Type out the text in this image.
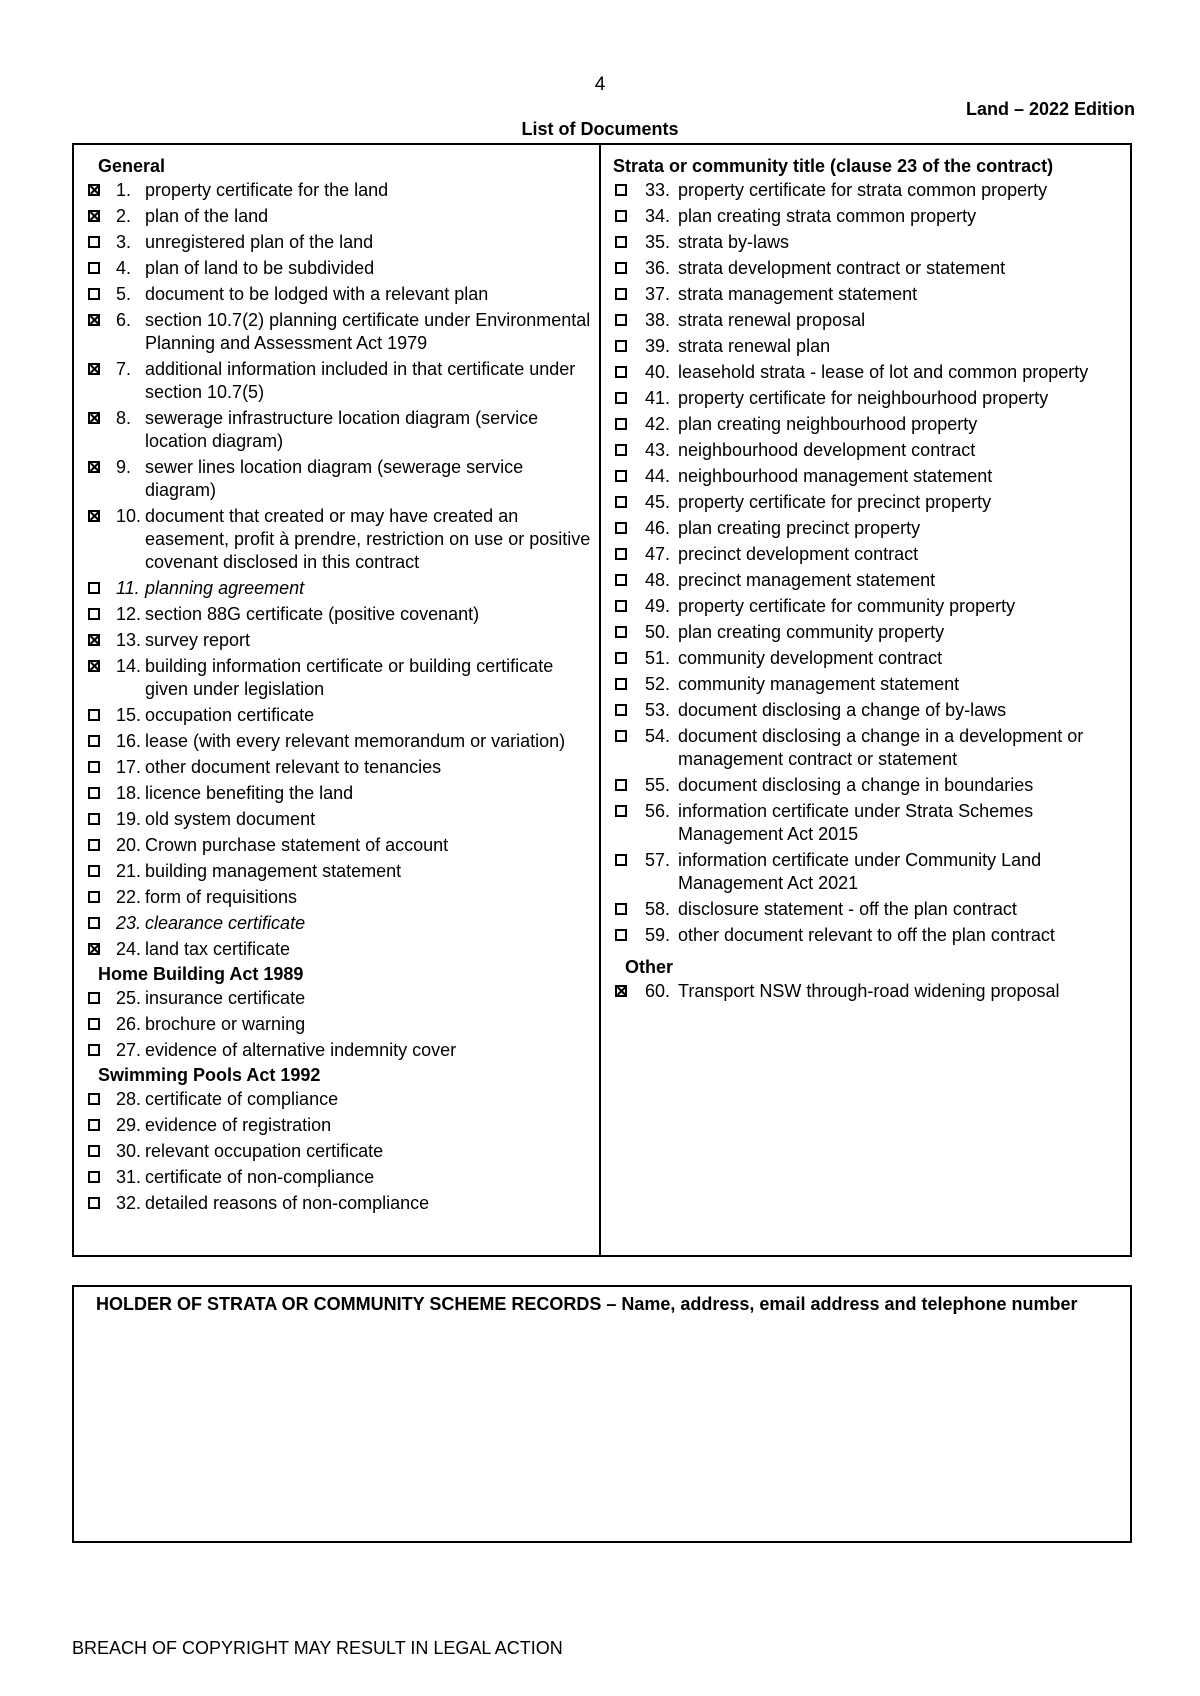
4
Land – 2022 Edition
List of Documents
General
1. property certificate for the land
2. plan of the land
3. unregistered plan of the land
4. plan of land to be subdivided
5. document to be lodged with a relevant plan
6. section 10.7(2) planning certificate under Environmental Planning and Assessment Act 1979
7. additional information included in that certificate under section 10.7(5)
8. sewerage infrastructure location diagram (service location diagram)
9. sewer lines location diagram (sewerage service diagram)
10. document that created or may have created an easement, profit à prendre, restriction on use or positive covenant disclosed in this contract
11. planning agreement
12. section 88G certificate (positive covenant)
13. survey report
14. building information certificate or building certificate given under legislation
15. occupation certificate
16. lease (with every relevant memorandum or variation)
17. other document relevant to tenancies
18. licence benefiting the land
19. old system document
20. Crown purchase statement of account
21. building management statement
22. form of requisitions
23. clearance certificate
24. land tax certificate
Home Building Act 1989
25. insurance certificate
26. brochure or warning
27. evidence of alternative indemnity cover
Swimming Pools Act 1992
28. certificate of compliance
29. evidence of registration
30. relevant occupation certificate
31. certificate of non-compliance
32. detailed reasons of non-compliance
Strata or community title (clause 23 of the contract)
33. property certificate for strata common property
34. plan creating strata common property
35. strata by-laws
36. strata development contract or statement
37. strata management statement
38. strata renewal proposal
39. strata renewal plan
40. leasehold strata - lease of lot and common property
41. property certificate for neighbourhood property
42. plan creating neighbourhood property
43. neighbourhood development contract
44. neighbourhood management statement
45. property certificate for precinct property
46. plan creating precinct property
47. precinct development contract
48. precinct management statement
49. property certificate for community property
50. plan creating community property
51. community development contract
52. community management statement
53. document disclosing a change of by-laws
54. document disclosing a change in a development or management contract or statement
55. document disclosing a change in boundaries
56. information certificate under Strata Schemes Management Act 2015
57. information certificate under Community Land Management Act 2021
58. disclosure statement - off the plan contract
59. other document relevant to off the plan contract
Other
60. Transport NSW through-road widening proposal
HOLDER OF STRATA OR COMMUNITY SCHEME RECORDS – Name, address, email address and telephone number
BREACH OF COPYRIGHT MAY RESULT IN LEGAL ACTION
